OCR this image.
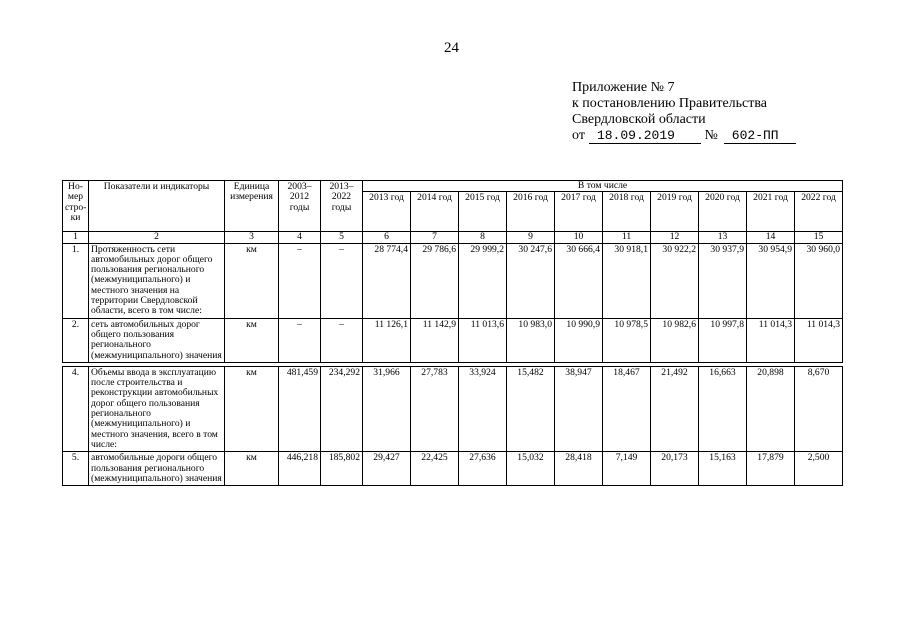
24
Приложение № 7
к постановлению Правительства
Свердловской области
от 18.09.2019 № 602-ПП
Но-мер стро-ки	Показатели и индикаторы	Единица измерения	2003–2012 годы	2013–2022 годы	В том числе									
					2013 год	2014 год	2015 год	2016 год	2017 год	2018 год	2019 год	2020 год	2021 год	2022 год
1	2	3	4	5	6	7	8	9	10	11	12	13	14	15
1.	Протяженность сети автомобильных дорог общего пользования регионального (межмуниципального) и местного значения на территории Свердловской области, всего в том числе:	км	–	–	28 774,4	29 786,6	29 999,2	30 247,6	30 666,4	30 918,1	30 922,2	30 937,9	30 954,9	30 960,0
2.	сеть автомобильных дорог общего пользования регионального (межмуниципального) значения	км	–	–	11 126,1	11 142,9	11 013,6	10 983,0	10 990,9	10 978,5	10 982,6	10 997,8	11 014,3	11 014,3

4.	Объемы ввода в эксплуатацию после строительства и реконструкции автомобильных дорог общего пользования регионального (межмуниципального) и местного значения, всего в том числе:	км	481,459	234,292	31,966	27,783	33,924	15,482	38,947	18,467	21,492	16,663	20,898	8,670
5.	автомобильные дороги общего пользования регионального (межмуниципального) значения	км	446,218	185,802	29,427	22,425	27,636	15,032	28,418	7,149	20,173	15,163	17,879	2,500
